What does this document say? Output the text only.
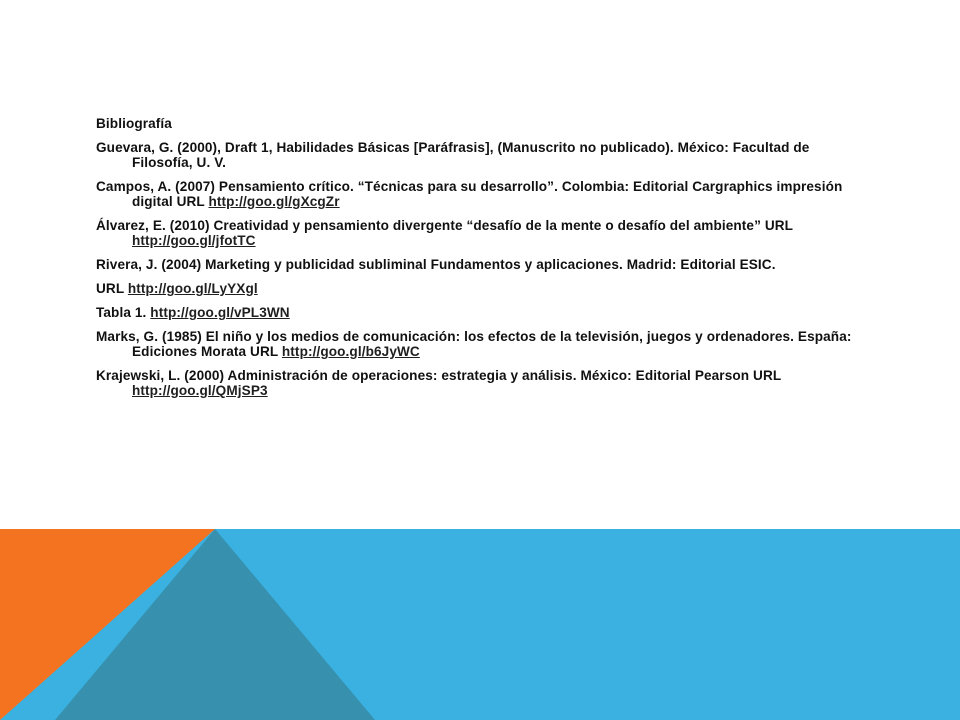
Bibliografía
Guevara, G. (2000), Draft 1, Habilidades Básicas [Paráfrasis], (Manuscrito no publicado). México: Facultad de Filosofía, U. V.
Campos, A. (2007) Pensamiento crítico. “Técnicas para su desarrollo”. Colombia: Editorial Cargraphics impresión digital URL http://goo.gl/gXcgZr
Álvarez, E. (2010) Creatividad y pensamiento divergente “desafío de la mente o desafío del ambiente” URL http://goo.gl/jfotTC
Rivera, J. (2004) Marketing y publicidad subliminal Fundamentos y aplicaciones. Madrid: Editorial ESIC.
URL http://goo.gl/LyYXgl
Tabla 1. http://goo.gl/vPL3WN
Marks, G. (1985) El niño y los medios de comunicación: los efectos de la televisión, juegos y ordenadores. España: Ediciones Morata URL http://goo.gl/b6JyWC
Krajewski, L. (2000) Administración de operaciones: estrategia y análisis. México: Editorial Pearson URL http://goo.gl/QMjSP3
